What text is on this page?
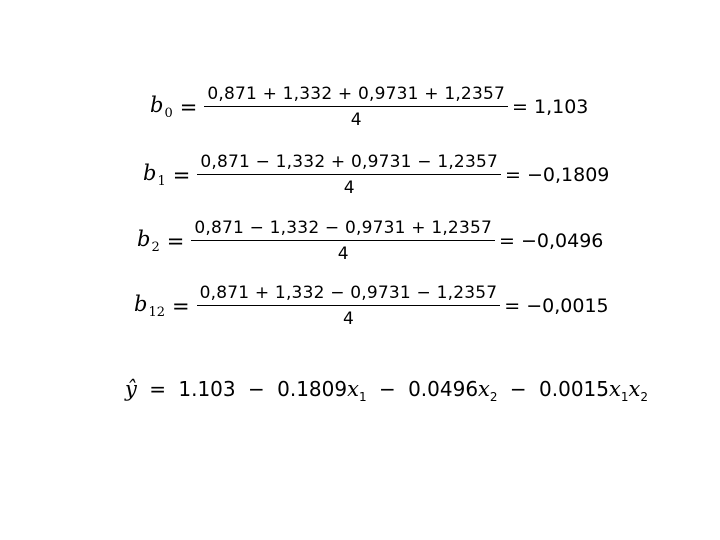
$b_0 = \frac{0,871 + 1,332 + 0,9731 + 1,2357}{4} = 1,103$
$b_1 = \frac{0,871 - 1,332 + 0,9731 - 1,2357}{4} = -0,1809$
$b_2 = \frac{0,871 - 1,332 - 0,9731 + 1,2357}{4} = -0,0496$
$b_{12} = \frac{0,871 + 1,332 - 0,9731 - 1,2357}{4} = -0,0015$
ŷ = $1.103 - 0.1809x_1 - 0.0496x_2 - 0.0015x_1x_2$
